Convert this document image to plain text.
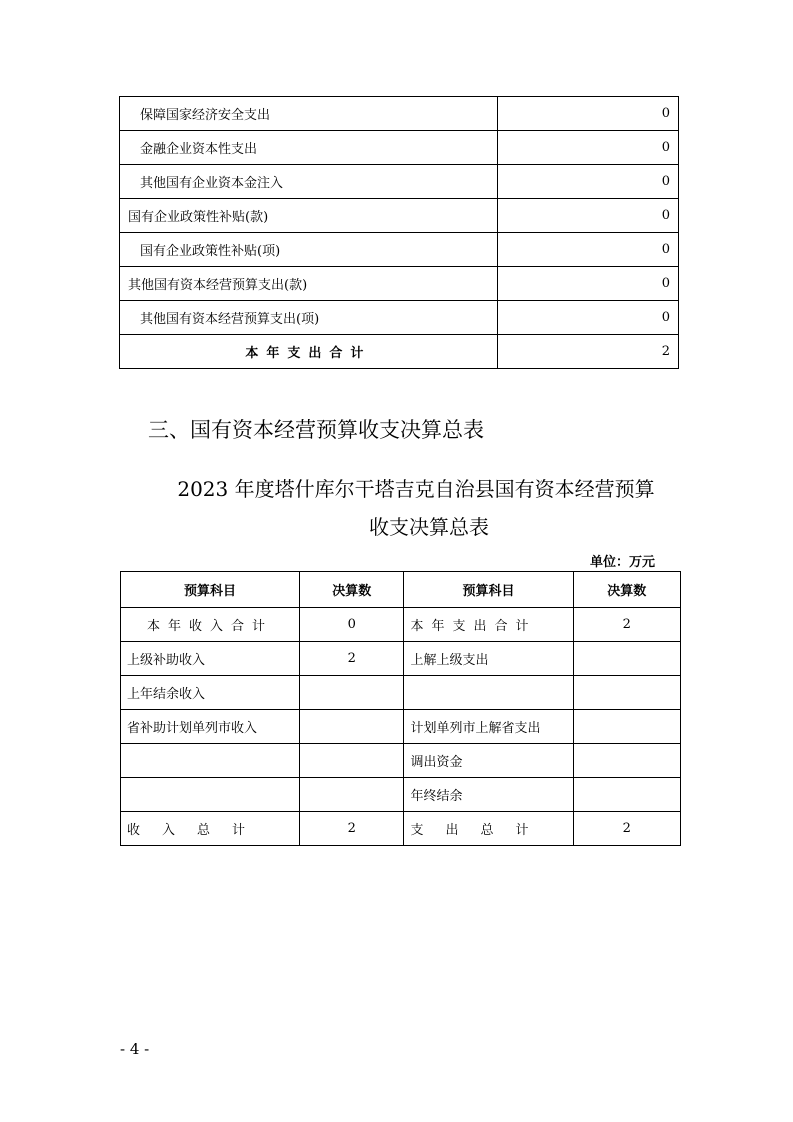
保障国家经济安全支出	0
金融企业资本性支出	0
其他国有企业资本金注入	0
国有企业政策性补贴(款)	0
国有企业政策性补贴(项)	0
其他国有资本经营预算支出(款)	0
其他国有资本经营预算支出(项)	0
本年支出合计	2
三、国有资本经营预算收支决算总表
2023 年度塔什库尔干塔吉克自治县国有资本经营预算
收支决算总表
单位：万元
预算科目	决算数	预算科目	决算数
本年收入合计	0	本年支出合计	2
上级补助收入	2	上解上级支出	
上年结余收入			
省补助计划单列市收入		计划单列市上解省支出	
		调出资金	
		年终结余	
收入总计	2	支出总计	2
- 4 -
